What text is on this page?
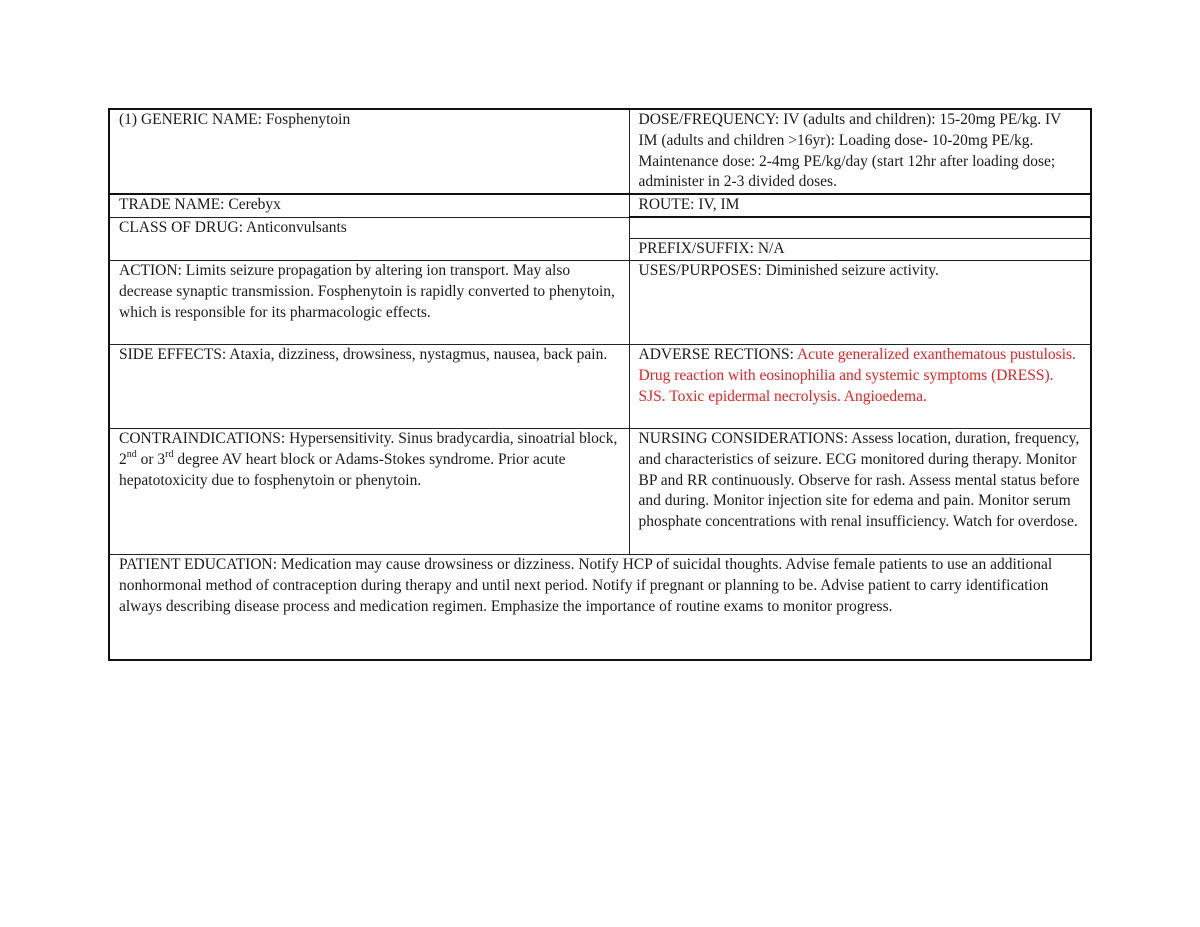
(1) GENERIC NAME: Fosphenytoin	DOSE/FREQUENCY: IV (adults and children): 15-20mg PE/kg. IV IM (adults and children >16yr): Loading dose- 10-20mg PE/kg. Maintenance dose: 2-4mg PE/kg/day (start 12hr after loading dose; administer in 2-3 divided doses.
TRADE NAME: Cerebyx	ROUTE: IV, IM
CLASS OF DRUG: Anticonvulsants	PREFIX/SUFFIX: N/A

ACTION: Limits seizure propagation by altering ion transport. May also decrease synaptic transmission. Fosphenytoin is rapidly converted to phenytoin, which is responsible for its pharmacologic effects.	USES/PURPOSES: Diminished seizure activity.
SIDE EFFECTS: Ataxia, dizziness, drowsiness, nystagmus, nausea, back pain.	ADVERSE RECTIONS: Acute generalized exanthematous pustulosis. Drug reaction with eosinophilia and systemic symptoms (DRESS). SJS. Toxic epidermal necrolysis. Angioedema.
CONTRAINDICATIONS: Hypersensitivity. Sinus bradycardia, sinoatrial block, 2nd or 3rd degree AV heart block or Adams-Stokes syndrome. Prior acute hepatotoxicity due to fosphenytoin or phenytoin.	NURSING CONSIDERATIONS: Assess location, duration, frequency, and characteristics of seizure. ECG monitored during therapy. Monitor BP and RR continuously. Observe for rash. Assess mental status before and during. Monitor injection site for edema and pain. Monitor serum phosphate concentrations with renal insufficiency. Watch for overdose.
PATIENT EDUCATION: Medication may cause drowsiness or dizziness. Notify HCP of suicidal thoughts. Advise female patients to use an additional nonhormonal method of contraception during therapy and until next period. Notify if pregnant or planning to be. Advise patient to carry identification always describing disease process and medication regimen. Emphasize the importance of routine exams to monitor progress.	
